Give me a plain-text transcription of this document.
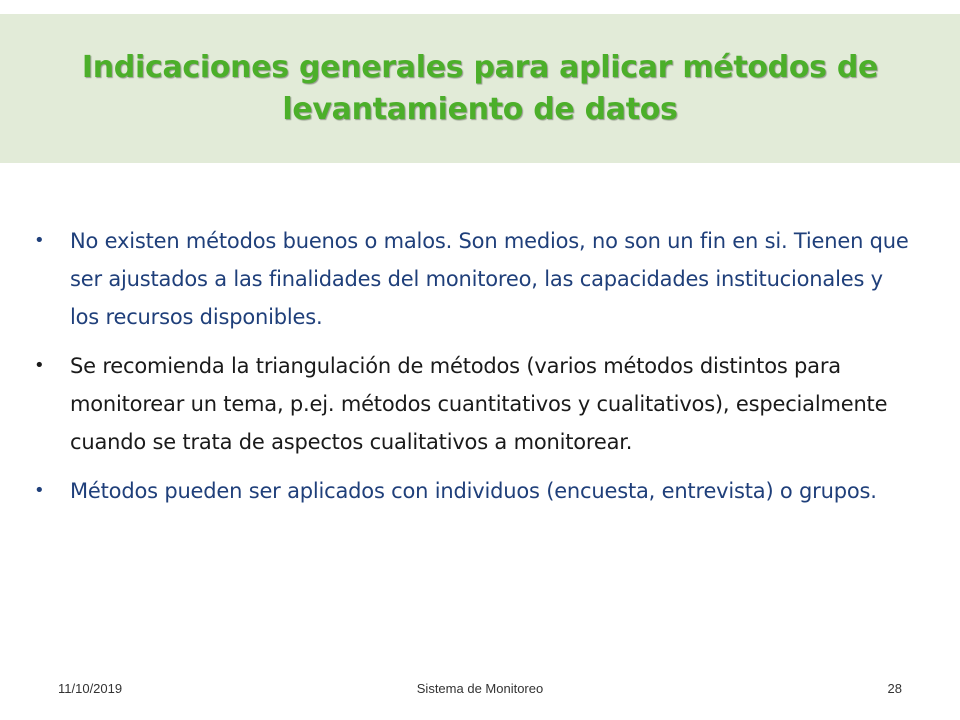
Indicaciones generales para aplicar métodos de levantamiento de datos
• No existen métodos buenos o malos. Son medios, no son un fin en si. Tienen que ser ajustados a las finalidades del monitoreo, las capacidades institucionales y los recursos disponibles.
• Se recomienda la triangulación de métodos (varios métodos distintos para monitorear un tema, p.ej. métodos cuantitativos y cualitativos), especialmente cuando se trata de aspectos cualitativos a monitorear.
• Métodos pueden ser aplicados con individuos (encuesta, entrevista) o grupos.
11/10/2019	Sistema de Monitoreo	28
